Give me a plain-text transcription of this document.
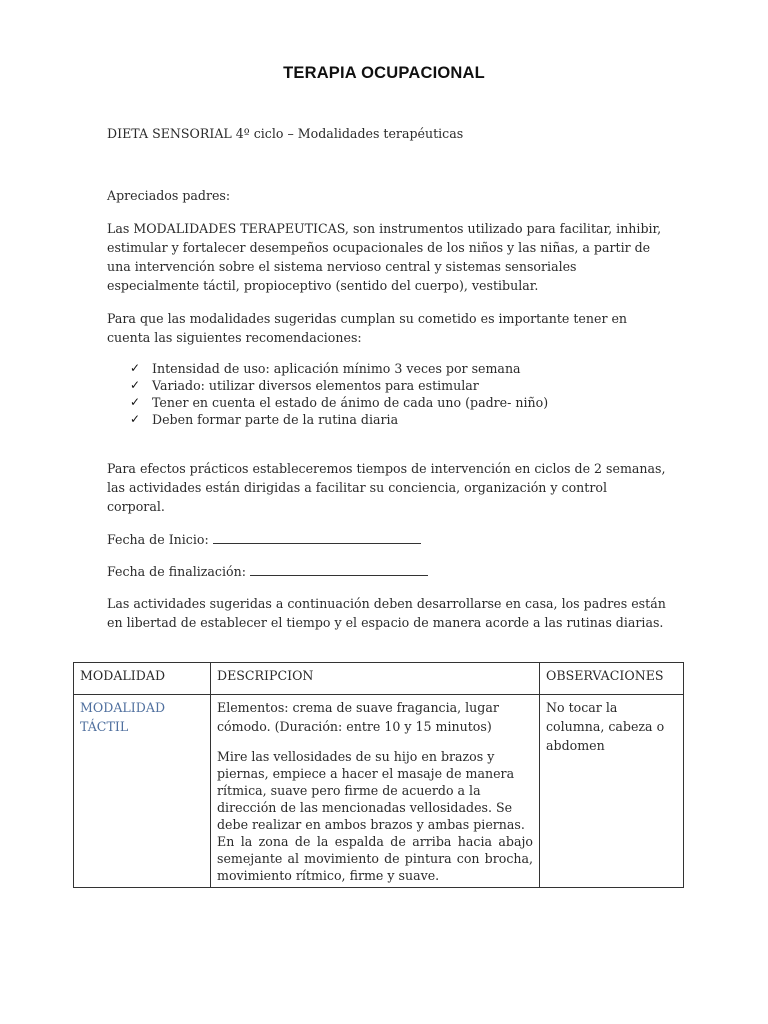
TERAPIA OCUPACIONAL
DIETA SENSORIAL 4º ciclo – Modalidades terapéuticas
Apreciados padres:
Las MODALIDADES TERAPEUTICAS, son instrumentos utilizado para facilitar, inhibir, estimular y fortalecer desempeños ocupacionales de los niños y las niñas, a partir de una intervención sobre el sistema nervioso central y sistemas sensoriales especialmente táctil, propioceptivo (sentido del cuerpo), vestibular.
Para que las modalidades sugeridas cumplan su cometido es importante tener en cuenta las siguientes recomendaciones:
✓ Intensidad de uso: aplicación mínimo 3 veces por semana
✓ Variado: utilizar diversos elementos para estimular
✓ Tener en cuenta el estado de ánimo de cada uno (padre- niño)
✓ Deben formar parte de la rutina diaria
Para efectos prácticos estableceremos tiempos de intervención en ciclos de 2 semanas, las actividades están dirigidas a facilitar su conciencia, organización y control corporal.
Fecha de Inicio:
Fecha de finalización:
Las actividades sugeridas a continuación deben desarrollarse en casa, los padres están en libertad de establecer el tiempo y el espacio de manera acorde a las rutinas diarias.
MODALIDAD	DESCRIPCION	OBSERVACIONES

MODALIDAD TÁCTIL	Elementos: crema de suave fragancia, lugar cómodo. (Duración: entre 10 y 15 minutos)
Mire las vellosidades de su hijo en brazos y piernas, empiece a hacer el masaje de manera rítmica, suave pero firme de acuerdo a la dirección de las mencionadas vellosidades. Se debe realizar en ambos brazos y ambas piernas.
En la zona de la espalda de arriba hacia abajo semejante al movimiento de pintura con brocha, movimiento rítmico, firme y suave.	No tocar la columna, cabeza o abdomen
